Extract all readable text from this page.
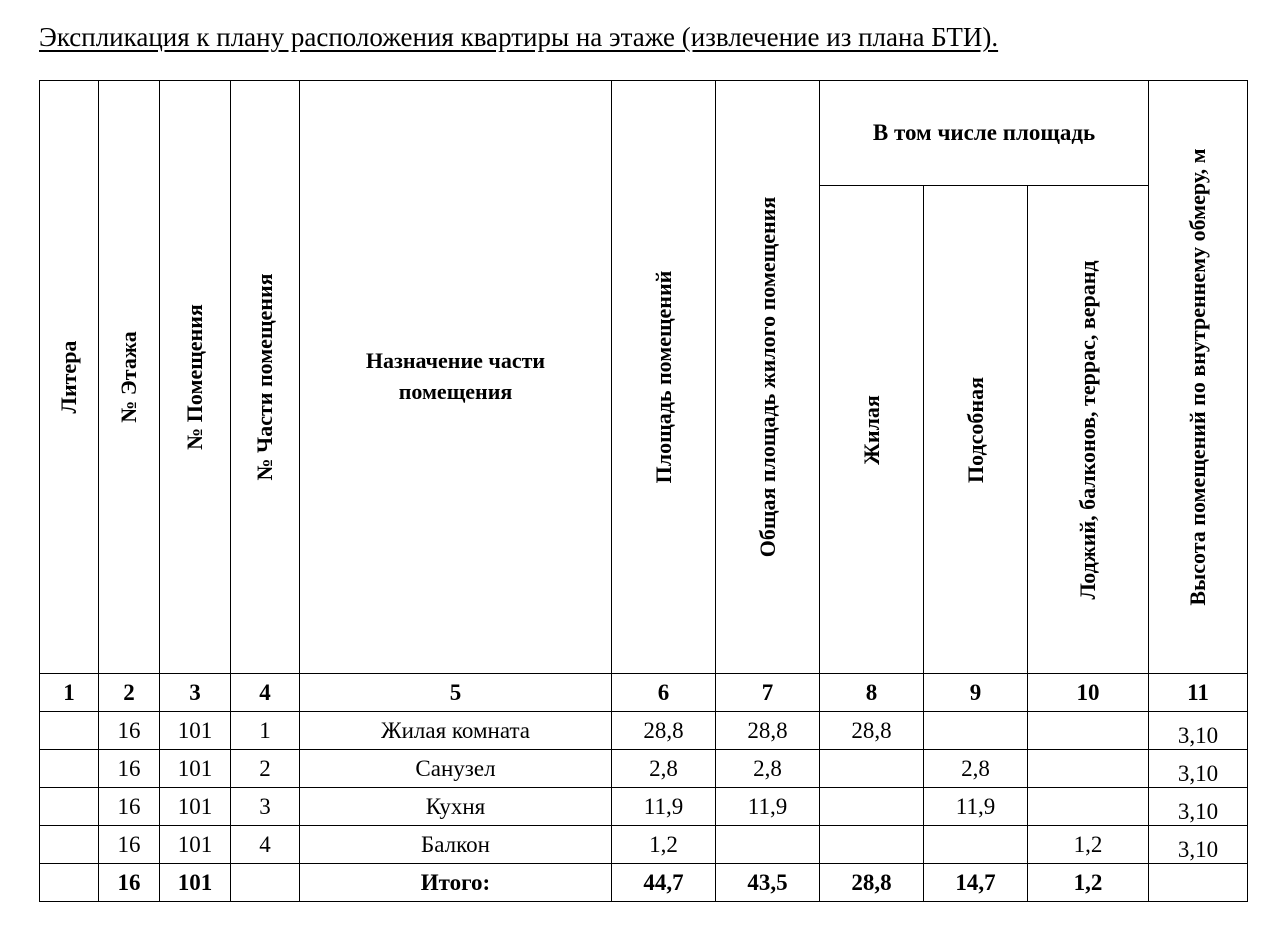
Экспликация к плану расположения квартиры на этаже (извлечение из плана БТИ).
Литера	№ Этажа	№ Помещения	№ Части помещения	Назначение части помещения	Площадь помещений	Общая площадь жилого помещения	В том числе площадь			Высота помещений по внутреннему обмеру, м

							Жилая	Подсобная	Лоджий, балконов, террас, веранд	

1	2	3	4	5	6	7	8	9	10	11
	16	101	1	Жилая комната	28,8	28,8	28,8			3,10
	16	101	2	Санузел	2,8	2,8		2,8		3,10
	16	101	3	Кухня	11,9	11,9		11,9		3,10
	16	101	4	Балкон	1,2				1,2	3,10
	16	101		Итого:	44,7	43,5	28,8	14,7	1,2	
